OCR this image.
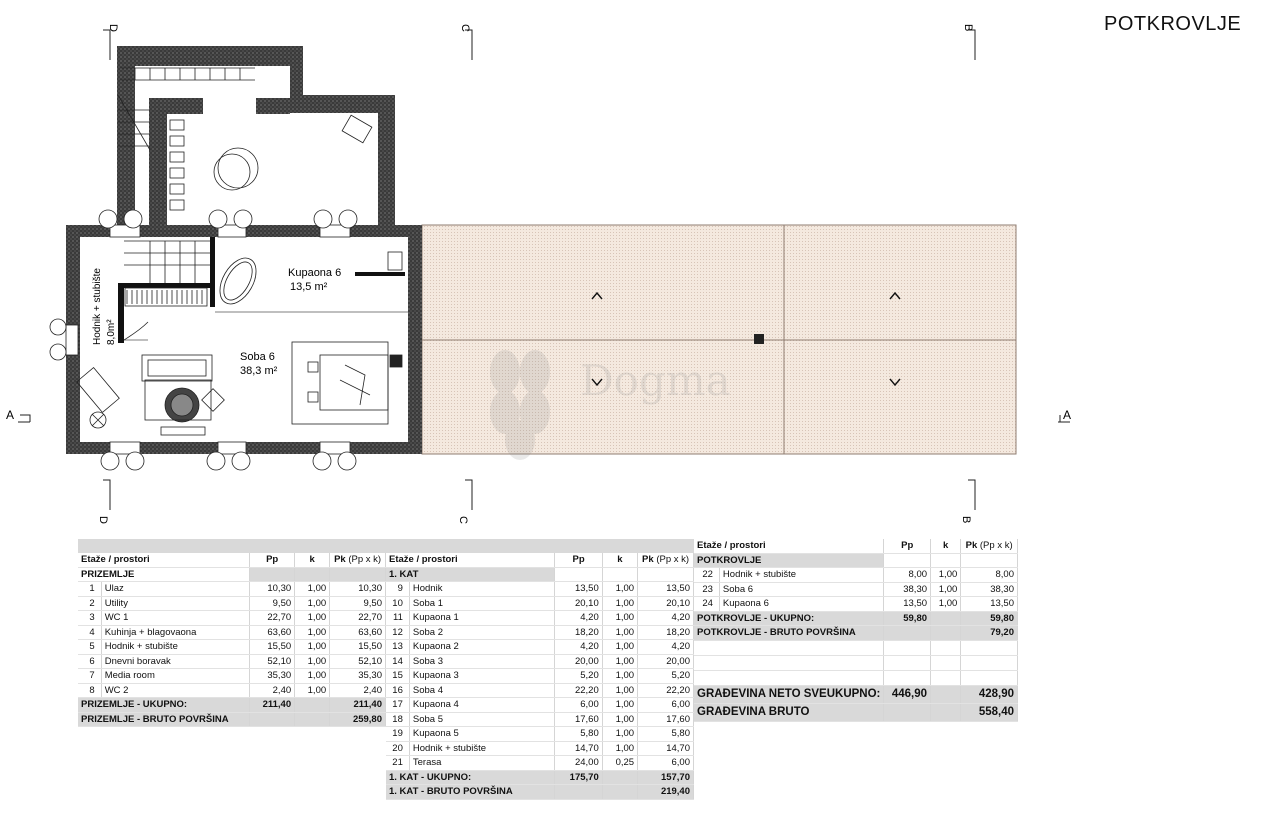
POTKROVLJE
D	C	B
D	C	B
A	A
Dogma
Kupaona 6
13,5 m²
Soba 6
38,3 m²
Hodnik + stubište 8,0m²

Etaže / prostori		Pp	k	Pk (Pp x k)
PRIZEMLJE				
1	Ulaz	10,30	1,00	10,30
2	Utility	9,50	1,00	9,50
3	WC 1	22,70	1,00	22,70
4	Kuhinja + blagovaona	63,60	1,00	63,60
5	Hodnik + stubište	15,50	1,00	15,50
6	Dnevni boravak	52,10	1,00	52,10
7	Media room	35,30	1,00	35,30
8	WC 2	2,40	1,00	2,40
PRIZEMLJE - UKUPNO:		211,40		211,40
PRIZEMLJE - BRUTO POVRŠINA				259,80

Etaže / prostori		Pp	k	Pk (Pp x k)
1. KAT				
9	Hodnik	13,50	1,00	13,50
10	Soba 1	20,10	1,00	20,10
11	Kupaona 1	4,20	1,00	4,20
12	Soba 2	18,20	1,00	18,20
13	Kupaona 2	4,20	1,00	4,20
14	Soba 3	20,00	1,00	20,00
15	Kupaona 3	5,20	1,00	5,20
16	Soba 4	22,20	1,00	22,20
17	Kupaona 4	6,00	1,00	6,00
18	Soba 5	17,60	1,00	17,60
19	Kupaona 5	5,80	1,00	5,80
20	Hodnik + stubište	14,70	1,00	14,70
21	Terasa	24,00	0,25	6,00
1. KAT - UKUPNO:		175,70		157,70
1. KAT - BRUTO POVRŠINA				219,40
Etaže / prostori		Pp	k	Pk (Pp x k)
POTKROVLJE				
22	Hodnik + stubište	8,00	1,00	8,00
23	Soba 6	38,30	1,00	38,30
24	Kupaona 6	13,50	1,00	13,50
POTKROVLJE - UKUPNO:		59,80		59,80
POTKROVLJE - BRUTO POVRŠINA				79,20

GRAĐEVINA NETO SVEUKUPNO:		446,90		428,90
GRAĐEVINA BRUTO				558,40
